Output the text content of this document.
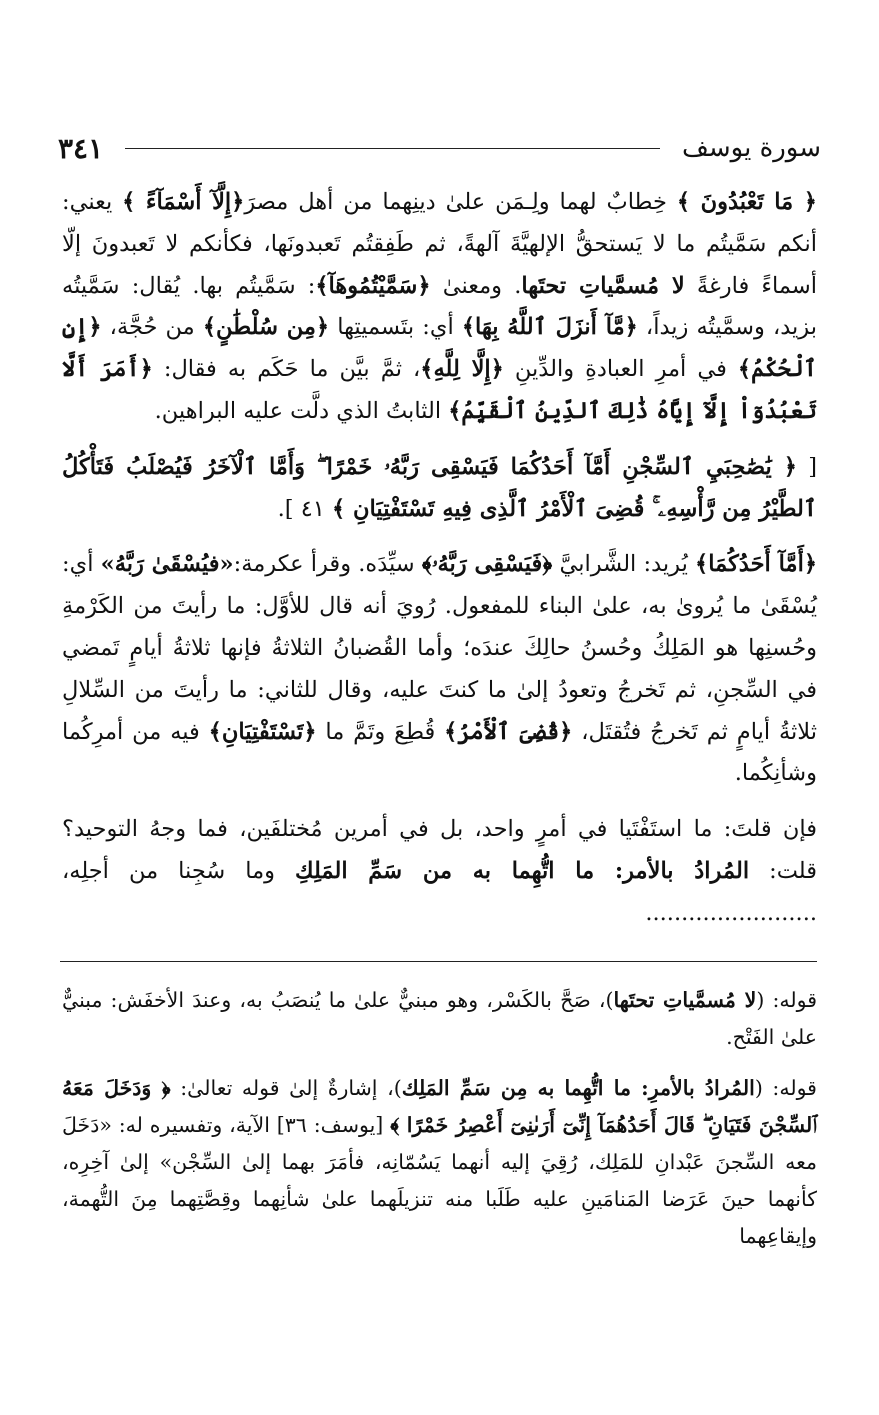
سورة يوسف
٣٤١

﴿ مَا تَعْبُدُونَ ﴾ خِطابٌ لهما ولِـمَن علىٰ دينِهما من أهل مصرَ﴿إِلَّآ أَسْمَآءً ﴾ يعني: أنكم سَمَّيتُم ما لا يَستحقُّ الإلهيَّةَ آلهةً، ثم طَفِقتُم تَعبدونَها، فكأنكم لا تَعبدونَ إلّا أسماءً فارغةً لا مُسمَّياتِ تحتَها. ومعنىٰ ﴿سَمَّيْتُمُوهَآ﴾: سَمَّيتُم بها. يُقال: سَمَّيتُه بزيد، وسمَّيتُه زيداً، ﴿مَّآ أَنزَلَ ٱللَّهُ بِهَا﴾ أي: بتَسميتِها ﴿مِن سُلْطَٰنٍ﴾ من حُجَّة، ﴿إِنِ ٱلْحُكْمُ﴾ في أمرِ العبادةِ والدِّينِ ﴿إِلَّا لِلَّهِ﴾، ثمَّ بيَّن ما حَكَم به فقال: ﴿أَمَرَ أَلَّا تَعْبُدُوٓاْ إِلَّآ إِيَّاهُ ذَٰلِكَ ٱلدِّينُ ٱلْقَيِّمُ﴾ الثابتُ الذي دلَّت عليه البراهين.

[ ﴿ يَٰصَٰحِبَيِ ٱلسِّجْنِ أَمَّآ أَحَدُكُمَا فَيَسْقِى رَبَّهُۥ خَمْرًا ۖ وَأَمَّا ٱلْآخَرُ فَيُصْلَبُ فَتَأْكُلُ ٱلطَّيْرُ مِن رَّأْسِهِۦ ۚ قُضِىَ ٱلْأَمْرُ ٱلَّذِى فِيهِ تَسْتَفْتِيَانِ ﴾ ٤١ ].

﴿أَمَّآ أَحَدُكُمَا﴾ يُريد: الشَّرابيَّ ﴿فَيَسْقِى رَبَّهُۥ﴾ سيِّدَه. وقرأ عكرمة:«فيُسْقَىٰ رَبَّهُ» أي: يُسْقَىٰ ما يُروىٰ به، علىٰ البناء للمفعول. رُويَ أنه قال للأوَّل: ما رأيتَ من الكَرْمةِ وحُسنِها هو المَلِكُ وحُسنُ حالِكَ عندَه؛ وأما القُضبانُ الثلاثةُ فإنها ثلاثةُ أيامٍ تَمضي في السِّجنِ، ثم تَخرجُ وتعودُ إلىٰ ما كنتَ عليه، وقال للثاني: ما رأيتَ من السِّلالِ ثلاثةُ أيامٍ ثم تَخرجُ فتُقتَل، ﴿قُضِىَ ٱلْأَمْرُ﴾ قُطِعَ وتَمَّ ما ﴿تَسْتَفْتِيَانِ﴾ فيه من أمرِكُما وشأنِكُما.

فإن قلتَ: ما استَفْتَيا في أمرٍ واحد، بل في أمرين مُختلفَين، فما وجهُ التوحيد؟ قلت: المُرادُ بالأمر: ما اتُّهِما به من سَمِّ المَلِكِ وما سُجِنا من أجلِه، ........................

قوله: (لا مُسمَّياتِ تحتَها)، صَحَّ بالكَسْر، وهو مبنيٌّ علىٰ ما يُنصَبُ به، وعندَ الأخفَش: مبنيٌّ علىٰ الفَتْح.

قوله: (المُرادُ بالأمرِ: ما اتُّهِما به مِن سَمِّ المَلِك)، إشارةٌ إلىٰ قوله تعالىٰ: ﴿ وَدَخَلَ مَعَهُ ٱلسِّجْنَ فَتَيَانِ ۖ قَالَ أَحَدُهُمَآ إِنِّىٓ أَرَىٰنِىٓ أَعْصِرُ خَمْرًا ﴾ [يوسف: ٣٦] الآية، وتفسيره له: «دَخَلَ معه السِّجنَ عَبْدانِ للمَلِك، رُقِيَ إليه أنهما يَسُمّانِه، فأمَرَ بهما إلىٰ السِّجْن» إلىٰ آخِرِه، كأنهما حينَ عَرَضا المَنامَينِ عليه طَلَبا منه تنزيلَهما علىٰ شأنِهما وقِصَّتِهما مِنَ التُّهمة، وإيقاعِهما
